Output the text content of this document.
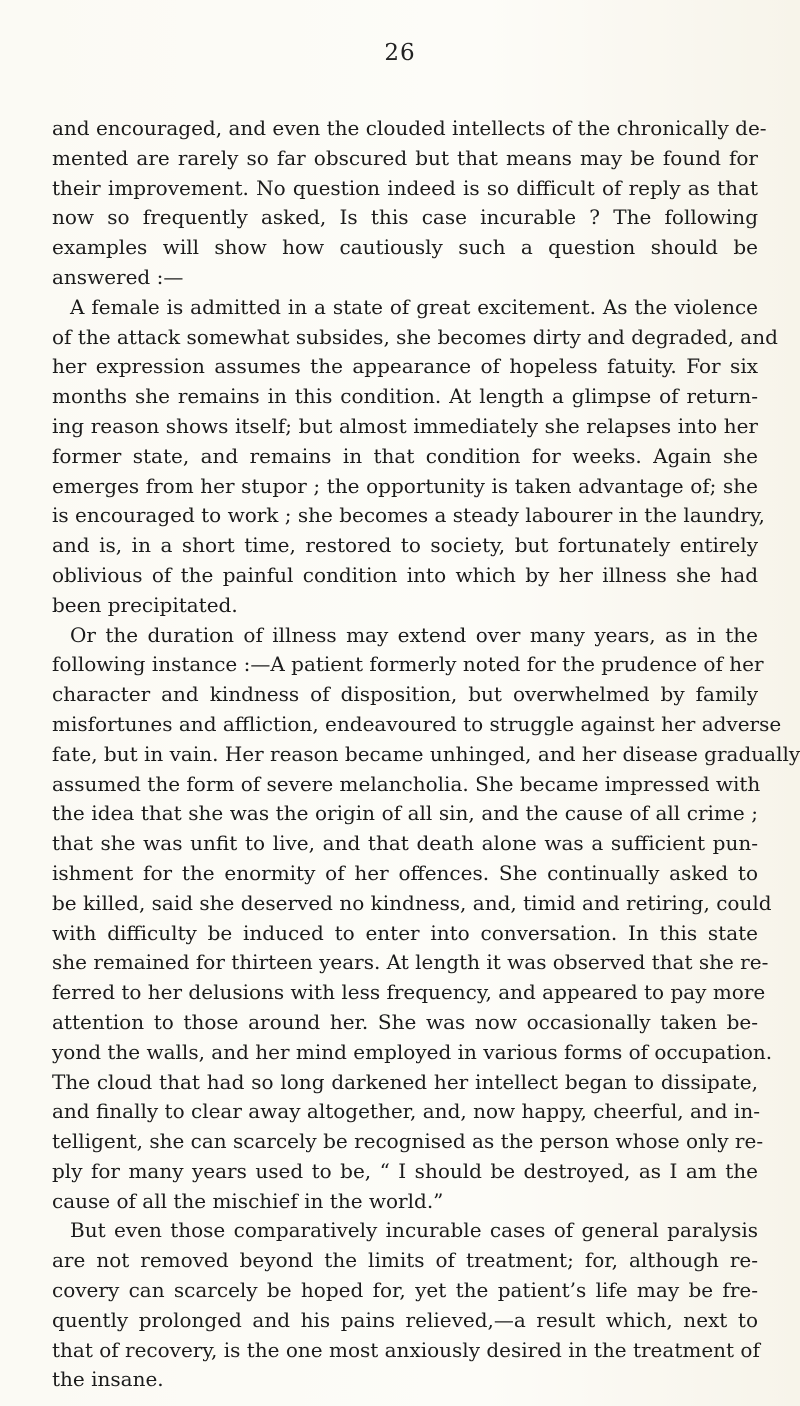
26
and encouraged, and even the clouded intellects of the chronically de-
mented are rarely so far obscured but that means may be found for
their improvement. No question indeed is so difficult of reply as that
now so frequently asked, Is this case incurable ? The following
examples will show how cautiously such a question should be
answered :—
A female is admitted in a state of great excitement. As the violence
of the attack somewhat subsides, she becomes dirty and degraded, and
her expression assumes the appearance of hopeless fatuity. For six
months she remains in this condition. At length a glimpse of return-
ing reason shows itself; but almost immediately she relapses into her
former state, and remains in that condition for weeks. Again she
emerges from her stupor ; the opportunity is taken advantage of; she
is encouraged to work ; she becomes a steady labourer in the laundry,
and is, in a short time, restored to society, but fortunately entirely
oblivious of the painful condition into which by her illness she had
been precipitated.
Or the duration of illness may extend over many years, as in the
following instance :—A patient formerly noted for the prudence of her
character and kindness of disposition, but overwhelmed by family
misfortunes and affliction, endeavoured to struggle against her adverse
fate, but in vain. Her reason became unhinged, and her disease gradually
assumed the form of severe melancholia. She became impressed with
the idea that she was the origin of all sin, and the cause of all crime ;
that she was unfit to live, and that death alone was a sufficient pun-
ishment for the enormity of her offences. She continually asked to
be killed, said she deserved no kindness, and, timid and retiring, could
with difficulty be induced to enter into conversation. In this state
she remained for thirteen years. At length it was observed that she re-
ferred to her delusions with less frequency, and appeared to pay more
attention to those around her. She was now occasionally taken be-
yond the walls, and her mind employed in various forms of occupation.
The cloud that had so long darkened her intellect began to dissipate,
and finally to clear away altogether, and, now happy, cheerful, and in-
telligent, she can scarcely be recognised as the person whose only re-
ply for many years used to be, “ I should be destroyed, as I am the
cause of all the mischief in the world.”
But even those comparatively incurable cases of general paralysis
are not removed beyond the limits of treatment; for, although re-
covery can scarcely be hoped for, yet the patient’s life may be fre-
quently prolonged and his pains relieved,—a result which, next to
that of recovery, is the one most anxiously desired in the treatment of
the insane.
